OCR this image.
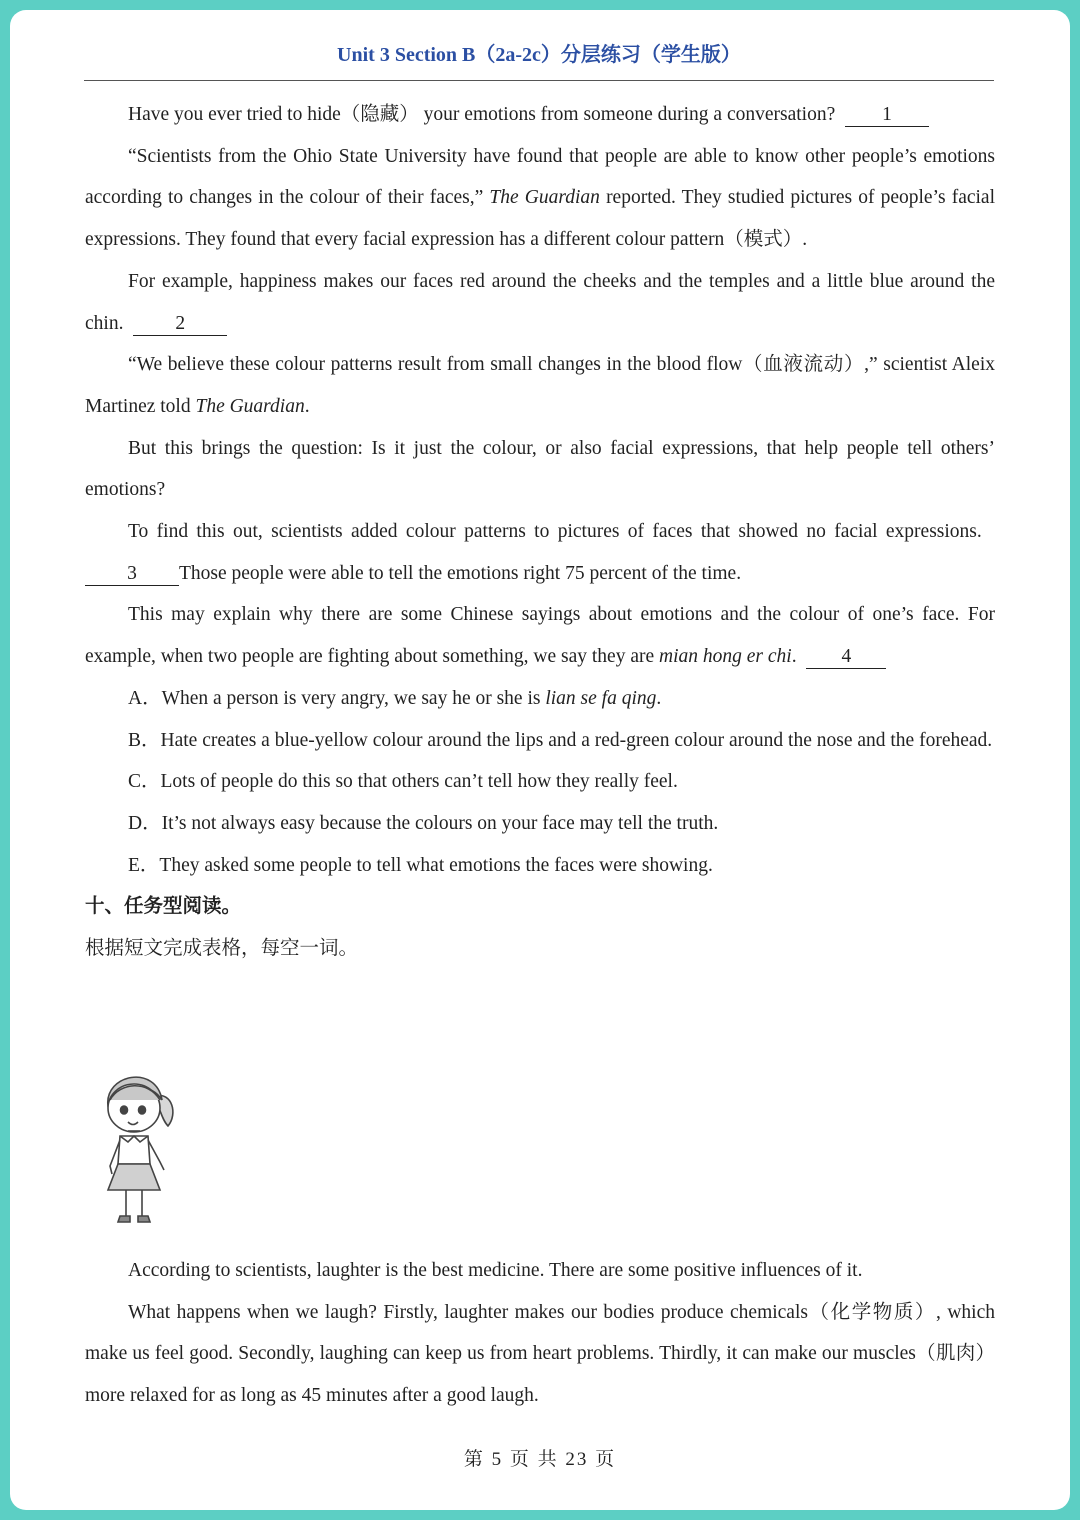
Unit 3 Section B（2a-2c）分层练习（学生版）

Have you ever tried to hide（隐藏） your emotions from someone during a conversation? 1

“Scientists from the Ohio State University have found that people are able to know other people’s emotions according to changes in the colour of their faces,” The Guardian reported. They studied pictures of people’s facial expressions. They found that every facial expression has a different colour pattern（模式）.

For example, happiness makes our faces red around the cheeks and the temples and a little blue around the chin.	2

“We believe these colour patterns result from small changes in the blood flow（血液流动）,” scientist Aleix Martinez told The Guardian.

But this brings the question: Is it just the colour, or also facial expressions, that help people tell others’ emotions?

To find this out, scientists added colour patterns to pictures of faces that showed no facial expressions.  3 Those people were able to tell the emotions right 75 percent of the time.

This may explain why there are some Chinese sayings about emotions and the colour of one’s face. For example, when two people are fighting about something, we say they are mian hong er chi. 4

A．When a person is very angry, we say he or she is lian se fa qing.

B．Hate creates a blue-yellow colour around the lips and a red-green colour around the nose and the forehead.

C．Lots of people do this so that others can’t tell how they really feel.

D．It’s not always easy because the colours on your face may tell the truth.

E．They asked some people to tell what emotions the faces were showing.

十、任务型阅读。

根据短文完成表格，每空一词。

According to scientists, laughter is the best medicine. There are some positive influences of it.

What happens when we laugh? Firstly, laughter makes our bodies produce chemicals（化学物质）, which make us feel good. Secondly, laughing can keep us from heart problems. Thirdly, it can make our muscles（肌肉）more relaxed for as long as 45 minutes after a good laugh.

第 5 页 共 23 页
